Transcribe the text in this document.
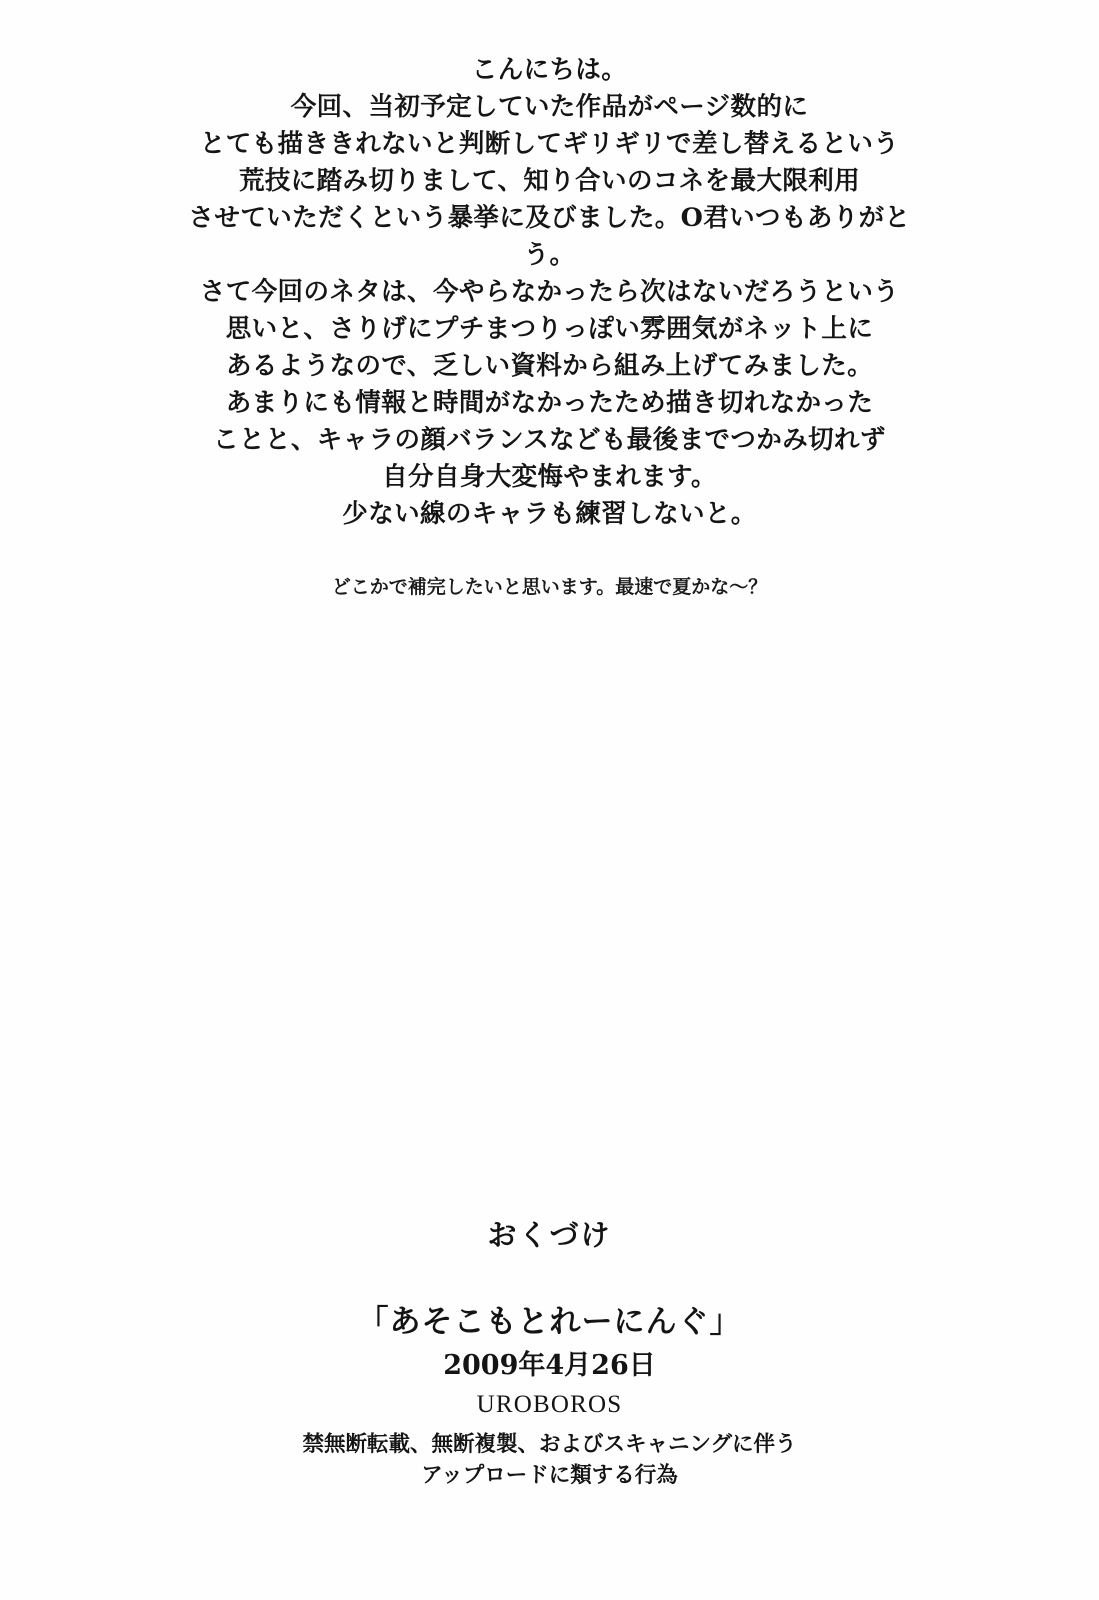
こんにちは。

今回、当初予定していた作品がページ数的に

とても描ききれないと判断してギリギリで差し替えるという

荒技に踏み切りまして、知り合いのコネを最大限利用

させていただくという暴挙に及びました。O君いつもありがと

う。

さて今回のネタは、今やらなかったら次はないだろうという

思いと、さりげにプチまつりっぽい雰囲気がネット上に

あるようなので、乏しい資料から組み上げてみました。

あまりにも情報と時間がなかったため描き切れなかった

ことと、キャラの顔バランスなども最後までつかみ切れず

自分自身大変悔やまれます。

少ない線のキャラも練習しないと。

どこかで補完したいと思います。最速で夏かな～？
おくづけ
「あそこもとれーにんぐ」
2009年4月26日
UROBOROS
禁無断転載、無断複製、およびスキャニングに伴う
アップロードに類する行為
